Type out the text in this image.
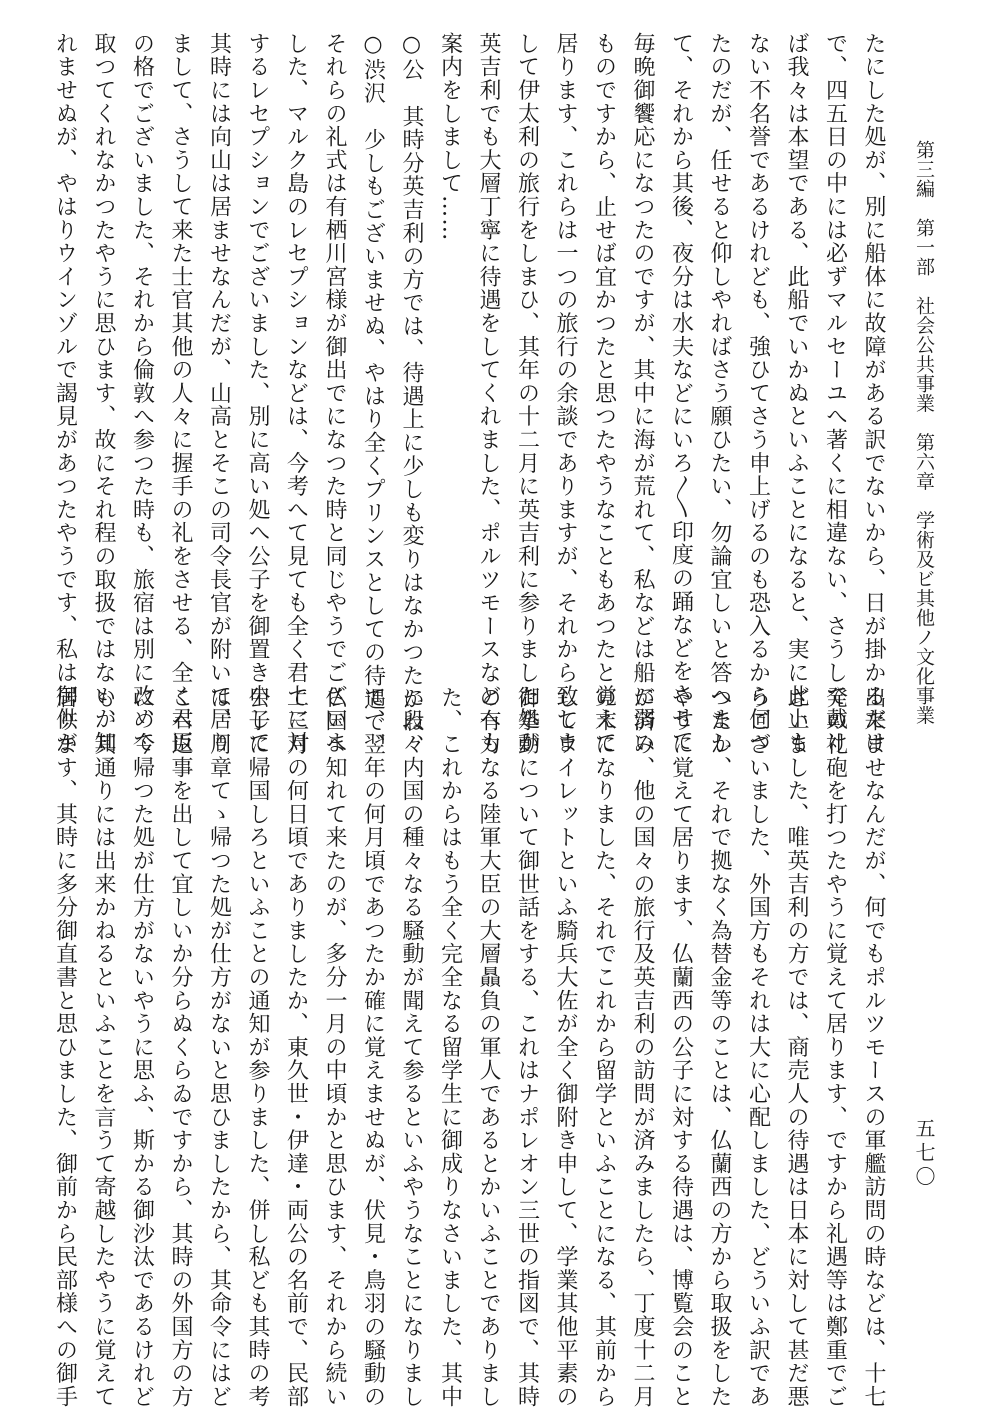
第三編　第一部　社会公共事業　第六章　学術及ビ其他ノ文化事業
五七〇
たにした処が、別に船体に故障がある訳でないから、日が掛かるだけ
で、四五日の中には必ずマルセーユへ著くに相違ない、さうして戴け
ば我々は本望である、此船でいかぬといふことになると、実に此上も
ない不名誉であるけれども、強ひてさう申上げるのも恐入るから伺つ
たのだが、任せると仰しやればさう願ひたい、勿論宜しいと答へまし
て、それから其後、夜分は水夫などにいろ〳〵印度の踊などをさせて
毎晩御饗応になつたのですが、其中に海が荒れて、私などは船に弱い
ものですから、止せば宜かつたと思つたやうなこともあつたと覚えて
居ります、これらは一つの旅行の余談でありますが、それから致しま
して伊太利の旅行をしまひ、其年の十二月に英吉利に参りました処が
英吉利でも大層丁寧に待遇をしてくれました、ポルツモースなどへも
案内をしまして……
○公　其時分英吉利の方では、待遇上に少しも変りはなかつたかね、
○渋沢　少しもございませぬ、やはり全くプリンスとしての待遇で、
それらの礼式は有栖川宮様が御出でになつた時と同じやうでございま
した、マルク島のレセプションなどは、今考へて見ても全く君上に対
するレセプションでございました、別に高い処へ公子を御置き申して
其時には向山は居ませなんだが、山高とそこの司令長官が附いて居り
まして、さうして来た士官其他の人々に握手の礼をさせる、全く君臣
の格でございました、それから倫敦へ参つた時も、旅宿は別に改めて
取つてくれなかつたやうに思ひます、故にそれ程の取扱ではないか知
れませぬが、やはりウインゾルで謁見があつたやうです、私は御供が
出来ませなんだが、何でもポルツモースの軍艦訪問の時などは、十七
発の礼砲を打つたやうに覚えて居ります、ですから礼遇等は鄭重でご
ざいました、唯英吉利の方では、商売人の待遇は日本に対して甚だ悪
うございました、外国方もそれは大に心配しました、どういふ訳であ
つたか、それで拠なく為替金等のことは、仏蘭西の方から取扱をした
やうに覚えて居ります、仏蘭西の公子に対する待遇は、博覧会のこと
が済み、他の国々の旅行及英吉利の訪問が済みましたら、丁度十二月
の末になりました、それでこれから留学といふことになる、其前から
してウイレットといふ騎兵大佐が全く御附き申して、学業其他平素の
御挙動について御世話をする、これはナポレオン三世の指図で、其時
の有力なる陸軍大臣の大層贔負の軍人であるとかいふことでありまし
た、これからはもう全く完全なる留学生に御成りなさいました、其中
に段々内国の種々なる騒動が聞えて参るといふやうなことになりまし
て、翌年の何月頃であつたか確に覚えませぬが、伏見・鳥羽の騒動の
仏国へ知れて来たのが、多分一月の中頃かと思ひます、それから続い
て三月の何日頃でありましたか、東久世・伊達・両公の名前で、民部
公子に帰国しろといふことの通知が参りました、併し私ども其時の考
は、周章てゝ帰つた処が仕方がないと思ひましたから、其命令にはど
こへ返事を出して宜しいか分らぬくらゐですから、其時の外国方の方
に、今帰つた処が仕方がないやうに思ふ、斯かる御沙汰であるけれど
も、其通りには出来かねるといふことを言うて寄越したやうに覚えて
居ります、其時に多分御直書と思ひました、御前から民部様への御手
